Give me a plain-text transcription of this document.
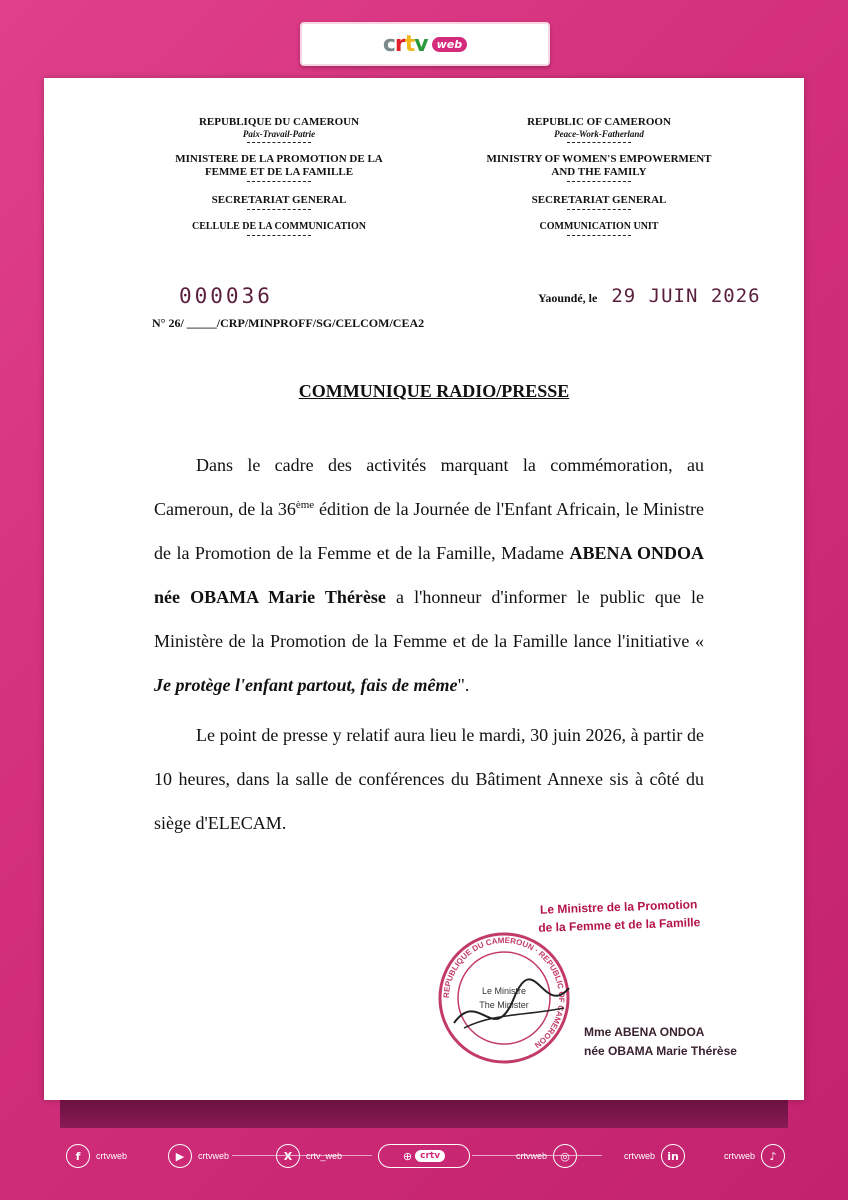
crtv web
REPUBLIQUE DU CAMEROUN
Paix-Travail-Patrie
MINISTERE DE LA PROMOTION DE LA FEMME ET DE LA FAMILLE
SECRETARIAT GENERAL
CELLULE DE LA COMMUNICATION
REPUBLIC OF CAMEROON
Peace-Work-Fatherland
MINISTRY OF WOMEN'S EMPOWERMENT AND THE FAMILY
SECRETARIAT GENERAL
COMMUNICATION UNIT
000036	Yaoundé, le 29 JUIN 2026
N° 26/ _____/CRP/MINPROFF/SG/CELCOM/CEA2
COMMUNIQUE RADIO/PRESSE

Dans le cadre des activités marquant la commémoration, au Cameroun, de la 36ème édition de la Journée de l'Enfant Africain, le Ministre de la Promotion de la Femme et de la Famille, Madame ABENA ONDOA née OBAMA Marie Thérèse a l'honneur d'informer le public que le Ministère de la Promotion de la Femme et de la Famille lance l'initiative « Je protège l'enfant partout, fais de même".

Le point de presse y relatif aura lieu le mardi, 30 juin 2026, à partir de 10 heures, dans la salle de conférences du Bâtiment Annexe sis à côté du siège d'ELECAM.

Le Ministre de la Promotion de la Femme et de la Famille
REPUBLIQUE DU CAMEROUN · REPUBLIC OF CAMEROON
Le Ministre
The Minister
Mme ABENA ONDOA
née OBAMA Marie Thérèse
f	crtvweb	▶	crtvweb	X	crtv_web	⊕ crtv	crtvweb	◎	crtvweb	in	crtvweb	♪
